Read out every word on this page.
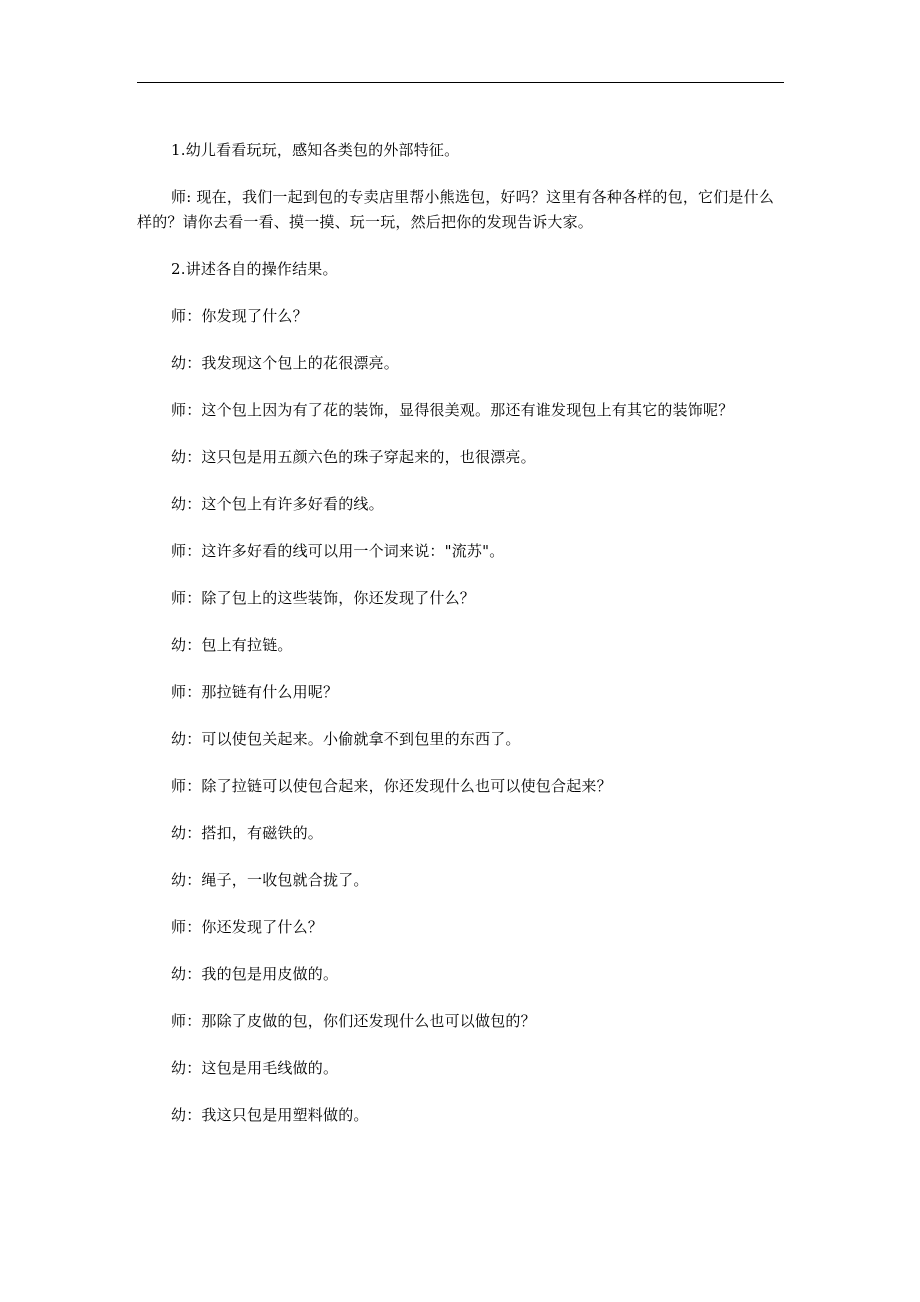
1.幼儿看看玩玩，感知各类包的外部特征。

师: 现在，我们一起到包的专卖店里帮小熊选包，好吗？这里有各种各样的包，它们是什么样的？请你去看一看、摸一摸、玩一玩，然后把你的发现告诉大家。

2.讲述各自的操作结果。

师：你发现了什么？

幼：我发现这个包上的花很漂亮。

师：这个包上因为有了花的装饰，显得很美观。那还有谁发现包上有其它的装饰呢？

幼：这只包是用五颜六色的珠子穿起来的，也很漂亮。

幼：这个包上有许多好看的线。

师：这许多好看的线可以用一个词来说："流苏"。

师：除了包上的这些装饰，你还发现了什么？

幼：包上有拉链。

师：那拉链有什么用呢？

幼：可以使包关起来。小偷就拿不到包里的东西了。

师：除了拉链可以使包合起来，你还发现什么也可以使包合起来？

幼：搭扣，有磁铁的。

幼：绳子，一收包就合拢了。

师：你还发现了什么？

幼：我的包是用皮做的。

师：那除了皮做的包，你们还发现什么也可以做包的？

幼：这包是用毛线做的。

幼：我这只包是用塑料做的。
